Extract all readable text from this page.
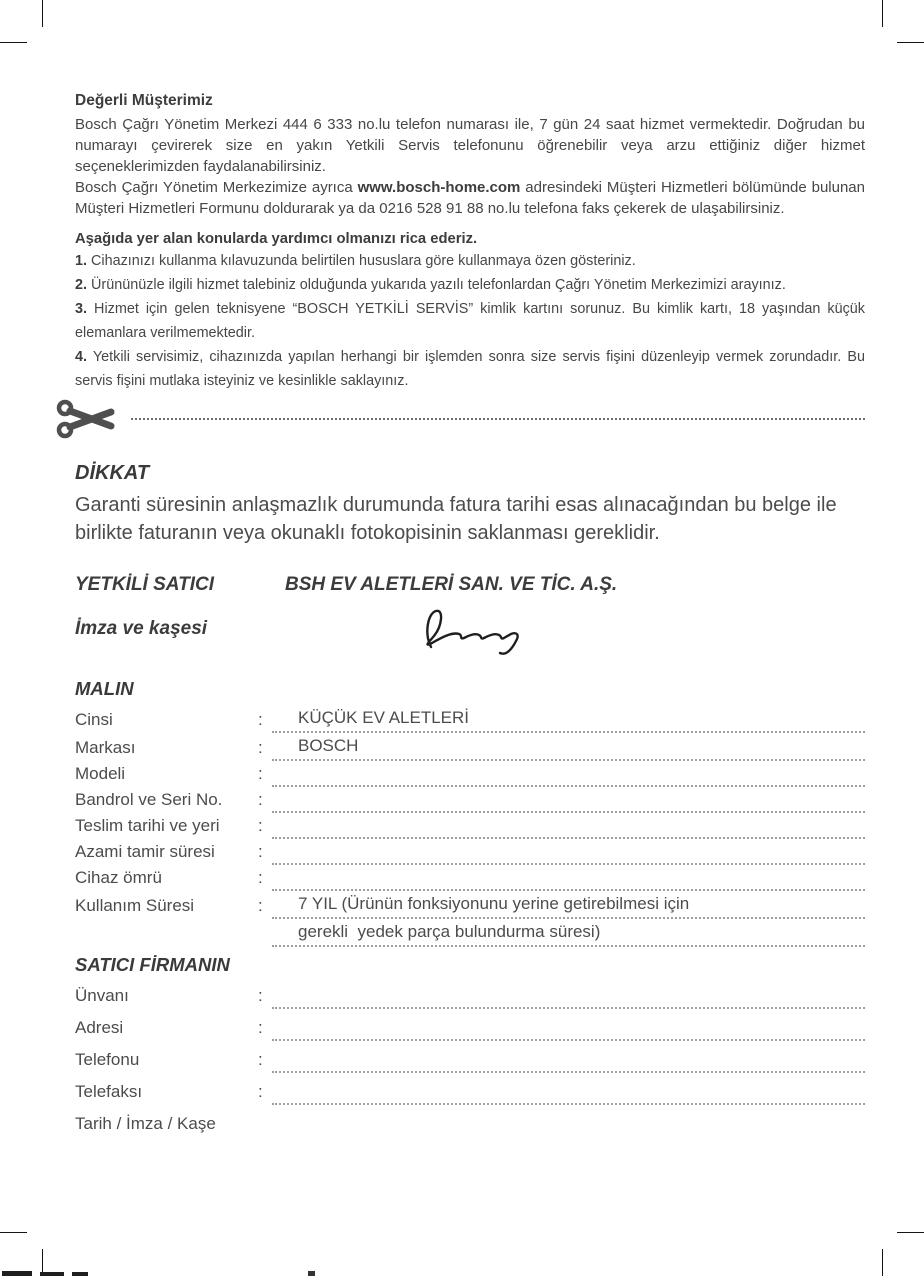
Değerli Müşterimiz

Bosch Çağrı Yönetim Merkezi 444 6 333 no.lu telefon numarası ile, 7 gün 24 saat hizmet vermektedir. Doğrudan bu numarayı çevirerek size en yakın Yetkili Servis telefonunu öğrenebilir veya arzu ettiğiniz diğer hizmet seçeneklerimizden faydalanabilirsiniz.

Bosch Çağrı Yönetim Merkezimize ayrıca www.bosch-home.com adresindeki Müşteri Hizmetleri bölümünde bulunan Müşteri Hizmetleri Formunu doldurarak ya da 0216 528 91 88 no.lu telefona faks çekerek de ulaşabilirsiniz.

Aşağıda yer alan konularda yardımcı olmanızı rica ederiz.

1. Cihazınızı kullanma kılavuzunda belirtilen hususlara göre kullanmaya özen gösteriniz.

2. Ürününüzle ilgili hizmet talebiniz olduğunda yukarıda yazılı telefonlardan Çağrı Yönetim Merkezimizi arayınız.

3. Hizmet için gelen teknisyene “BOSCH YETKİLİ SERVİS” kimlik kartını sorunuz. Bu kimlik kartı, 18 yaşından küçük elemanlara verilmemektedir.

4. Yetkili servisimiz, cihazınızda yapılan herhangi bir işlemden sonra size servis fişini düzenleyip vermek zorundadır. Bu servis fişini mutlaka isteyiniz ve kesinlikle saklayınız.

DİKKAT

Garanti süresinin anlaşmazlık durumunda fatura tarihi esas alınacağından bu belge ile birlikte faturanın veya okunaklı fotokopisinin saklanması gereklidir.

YETKİLİ SATICI	BSH EV ALETLERİ SAN. VE TİC. A.Ş.
İmza ve kaşesi
MALIN
Cinsi	:	KÜÇÜK EV ALETLERİ
Markası	:	BOSCH
Modeli	:
Bandrol ve Seri No.	:
Teslim tarihi ve yeri	:
Azami tamir süresi	:
Cihaz ömrü	:
Kullanım Süresi	:	7 YIL (Ürünün fonksiyonunu yerine getirebilmesi için
gerekli  yedek parça bulundurma süresi)
SATICI FİRMANIN
Ünvanı	:
Adresi	:
Telefonu	:
Telefaksı	:
Tarih / İmza / Kaşe
